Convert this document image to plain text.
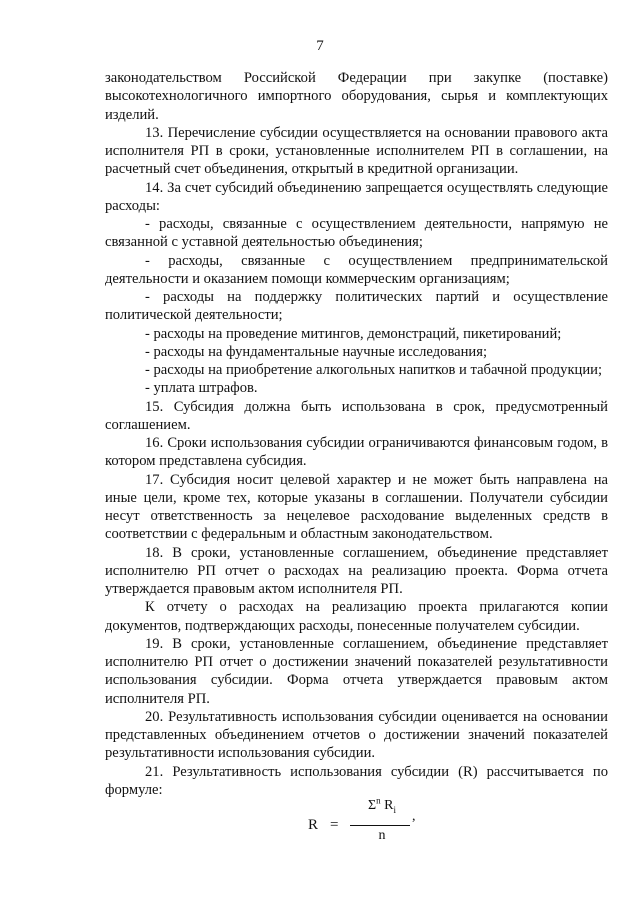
7

законодательством Российской Федерации при закупке (поставке) высокотехнологичного импортного оборудования, сырья и комплектующих изделий.

13. Перечисление субсидии осуществляется на основании правового акта исполнителя РП в сроки, установленные исполнителем РП в соглашении, на расчетный счет объединения, открытый в кредитной организации.

14. За счет субсидий объединению запрещается осуществлять следующие расходы:

- расходы, связанные с осуществлением деятельности, напрямую не связанной с уставной деятельностью объединения;

- расходы, связанные с осуществлением предпринимательской деятельности и оказанием помощи коммерческим организациям;

- расходы на поддержку политических партий и осуществление политической деятельности;

- расходы на проведение митингов, демонстраций, пикетирований;

- расходы на фундаментальные научные исследования;

- расходы на приобретение алкогольных напитков и табачной продукции;

- уплата штрафов.

15. Субсидия должна быть использована в срок, предусмотренный соглашением.

16. Сроки использования субсидии ограничиваются финансовым годом, в котором представлена субсидия.

17. Субсидия носит целевой характер и не может быть направлена на иные цели, кроме тех, которые указаны в соглашении. Получатели субсидии несут ответственность за нецелевое расходование выделенных средств в соответствии с федеральным и областным законодательством.

18. В сроки, установленные соглашением, объединение представляет исполнителю РП отчет о расходах на реализацию проекта. Форма отчета утверждается правовым актом исполнителя РП.

К отчету о расходах на реализацию проекта прилагаются копии документов, подтверждающих расходы, понесенные получателем субсидии.

19. В сроки, установленные соглашением, объединение представляет исполнителю РП отчет о достижении значений показателей результативности использования субсидии. Форма отчета утверждается правовым актом исполнителя РП.

20. Результативность использования субсидии оценивается на основании представленных объединением отчетов о достижении значений показателей результативности использования субсидии.

21. Результативность использования субсидии (R) рассчитывается по формуле:

R =
$\Sigma^n$ $R_i$
n
,
